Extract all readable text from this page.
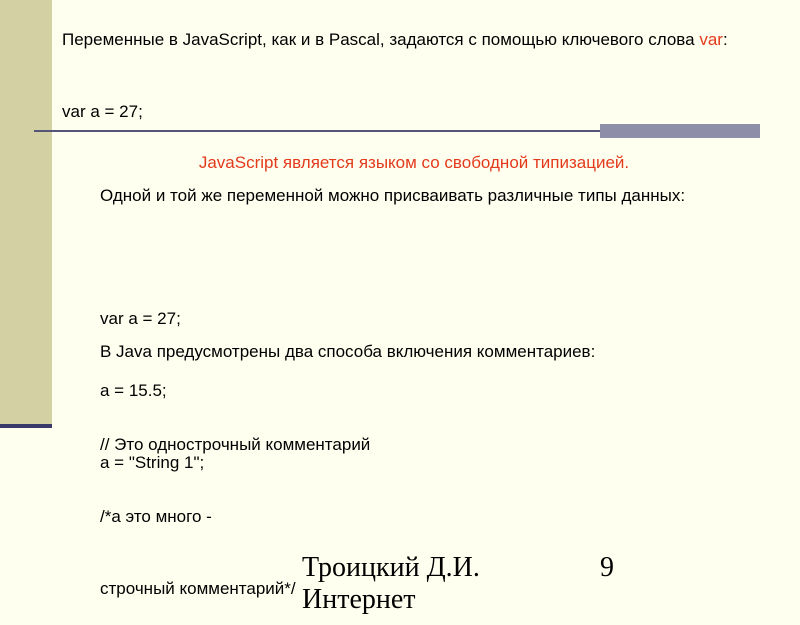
Переменные в JavaScript, как и в Pascal, задаются с помощью ключевого слова var:
var a = 27;
JavaScript является языком со свободной типизацией.
Одной и той же переменной можно присваивать различные типы данных:

var a = 27;

a = 15.5;

a = "String 1";

В Java предусмотрены два способа включения комментариев:

// Это однострочный комментарий

/*а это много -

строчный комментарий*/

Троицкий Д.И.
Интернет
9
